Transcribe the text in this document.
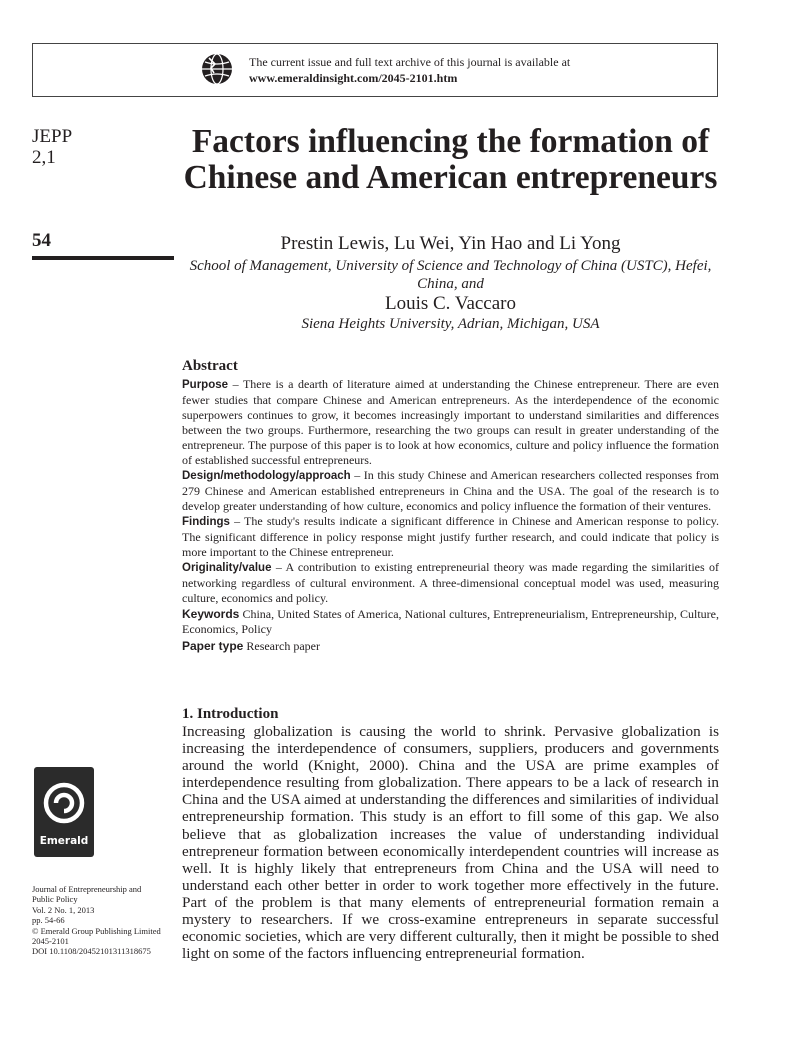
The current issue and full text archive of this journal is available at
www.emeraldinsight.com/2045-2101.htm
JEPP
2,1
54
Emerald
Journal of Entrepreneurship and
Public Policy
Vol. 2 No. 1, 2013
pp. 54-66
© Emerald Group Publishing Limited
2045-2101
DOI 10.1108/20452101311318675
Factors influencing the formation of Chinese and American entrepreneurs
Prestin Lewis, Lu Wei, Yin Hao and Li Yong
School of Management, University of Science and Technology of China (USTC), Hefei, China, and
Louis C. Vaccaro
Siena Heights University, Adrian, Michigan, USA
Abstract

Purpose – There is a dearth of literature aimed at understanding the Chinese entrepreneur. There are even fewer studies that compare Chinese and American entrepreneurs. As the interdependence of the economic superpowers continues to grow, it becomes increasingly important to understand similarities and differences between the two groups. Furthermore, researching the two groups can result in greater understanding of the entrepreneur. The purpose of this paper is to look at how economics, culture and policy influence the formation of established successful entrepreneurs.

Design/methodology/approach – In this study Chinese and American researchers collected responses from 279 Chinese and American established entrepreneurs in China and the USA. The goal of the research is to develop greater understanding of how culture, economics and policy influence the formation of their ventures.

Findings – The study's results indicate a significant difference in Chinese and American response to policy. The significant difference in policy response might justify further research, and could indicate that policy is more important to the Chinese entrepreneur.

Originality/value – A contribution to existing entrepreneurial theory was made regarding the similarities of networking regardless of cultural environment. A three-dimensional conceptual model was used, measuring culture, economics and policy.

Keywords China, United States of America, National cultures, Entrepreneurialism, Entrepreneurship, Culture, Economics, Policy

Paper type Research paper

1. Introduction

Increasing globalization is causing the world to shrink. Pervasive globalization is increasing the interdependence of consumers, suppliers, producers and governments around the world (Knight, 2000). China and the USA are prime examples of interdependence resulting from globalization. There appears to be a lack of research in China and the USA aimed at understanding the differences and similarities of individual entrepreneurship formation. This study is an effort to fill some of this gap. We also believe that as globalization increases the value of understanding individual entrepreneur formation between economically interdependent countries will increase as well. It is highly likely that entrepreneurs from China and the USA will need to understand each other better in order to work together more effectively in the future. Part of the problem is that many elements of entrepreneurial formation remain a mystery to researchers. If we cross-examine entrepreneurs in separate successful economic societies, which are very different culturally, then it might be possible to shed light on some of the factors influencing entrepreneurial formation.
